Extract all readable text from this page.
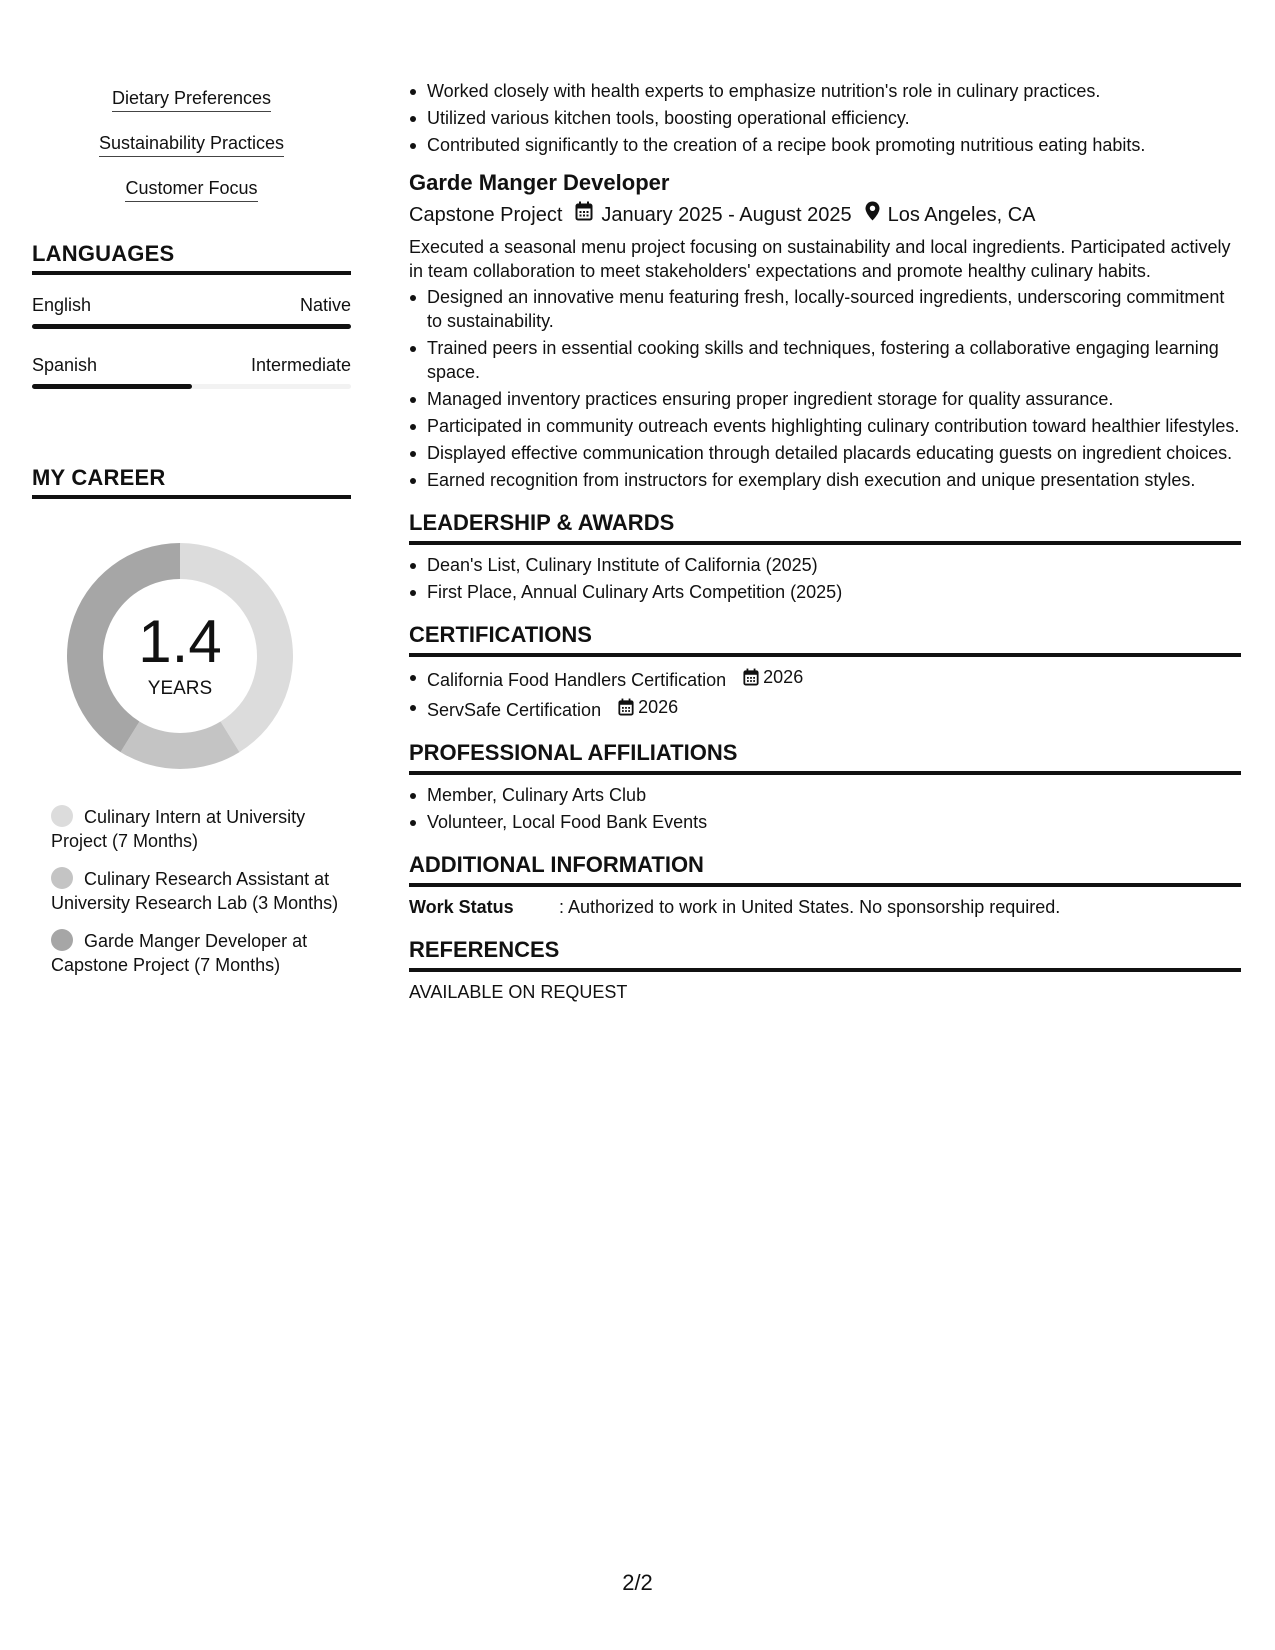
Dietary Preferences
Sustainability Practices
Customer Focus
LANGUAGES
English	Native
Spanish	Intermediate
MY CAREER
1.4
YEARS
Culinary Intern at University Project (7 Months)
Culinary Research Assistant at University Research Lab (3 Months)
Garde Manger Developer at Capstone Project (7 Months)
Worked closely with health experts to emphasize nutrition's role in culinary practices.
Utilized various kitchen tools, boosting operational efficiency.
Contributed significantly to the creation of a recipe book promoting nutritious eating habits.
Garde Manger Developer
Capstone Project January 2025 - August 2025 Los Angeles, CA
Executed a seasonal menu project focusing on sustainability and local ingredients. Participated actively in team collaboration to meet stakeholders' expectations and promote healthy culinary habits.
Designed an innovative menu featuring fresh, locally-sourced ingredients, underscoring commitment to sustainability.
Trained peers in essential cooking skills and techniques, fostering a collaborative engaging learning space.
Managed inventory practices ensuring proper ingredient storage for quality assurance.
Participated in community outreach events highlighting culinary contribution toward healthier lifestyles.
Displayed effective communication through detailed placards educating guests on ingredient choices.
Earned recognition from instructors for exemplary dish execution and unique presentation styles.
LEADERSHIP & AWARDS
Dean's List, Culinary Institute of California (2025)
First Place, Annual Culinary Arts Competition (2025)
CERTIFICATIONS
California Food Handlers Certification 2026
ServSafe Certification 2026
PROFESSIONAL AFFILIATIONS
Member, Culinary Arts Club
Volunteer, Local Food Bank Events
ADDITIONAL INFORMATION
Work Status	: Authorized to work in United States. No sponsorship required.
REFERENCES
AVAILABLE ON REQUEST
2/2
